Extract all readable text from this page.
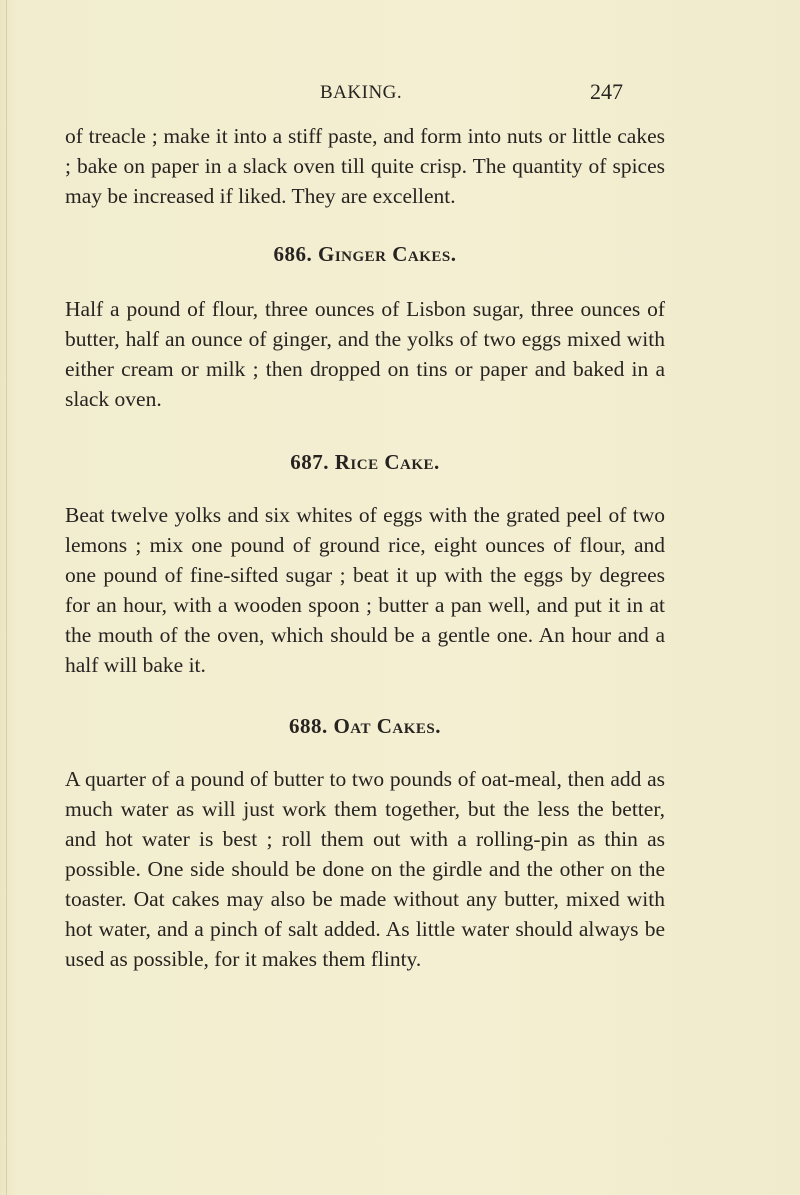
BAKING.	247

of treacle ; make it into a stiff paste, and form into nuts or little cakes ; bake on paper in a slack oven till quite crisp. The quantity of spices may be increased if liked. They are excellent.

686. Ginger Cakes.

Half a pound of flour, three ounces of Lisbon sugar, three ounces of butter, half an ounce of ginger, and the yolks of two eggs mixed with either cream or milk ; then dropped on tins or paper and baked in a slack oven.

687. Rice Cake.

Beat twelve yolks and six whites of eggs with the grated peel of two lemons ; mix one pound of ground rice, eight ounces of flour, and one pound of fine-sifted sugar ; beat it up with the eggs by degrees for an hour, with a wooden spoon ; butter a pan well, and put it in at the mouth of the oven, which should be a gentle one. An hour and a half will bake it.

688. Oat Cakes.

A quarter of a pound of butter to two pounds of oat-meal, then add as much water as will just work them together, but the less the better, and hot water is best ; roll them out with a rolling-pin as thin as possible. One side should be done on the girdle and the other on the toaster. Oat cakes may also be made without any butter, mixed with hot water, and a pinch of salt added. As little water should always be used as possible, for it makes them flinty.
